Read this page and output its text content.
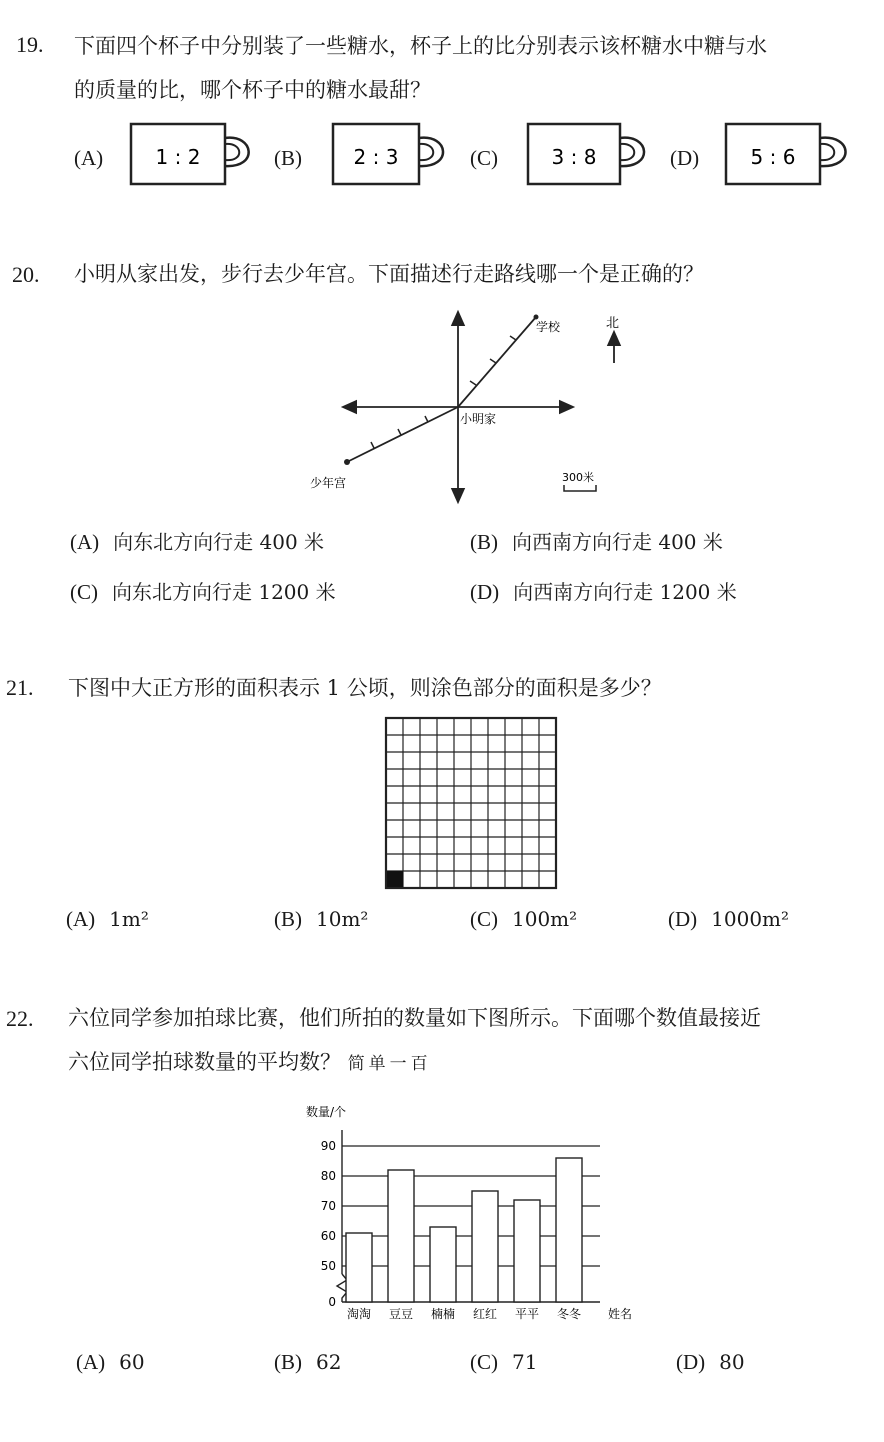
19. 下面四个杯子中分别装了一些糖水，杯子上的比分别表示该杯糖水中糖与水
的质量的比，哪个杯子中的糖水最甜？
(A)	1 : 2	(B)	2 : 3	(C)	3 : 8	(D)	5 : 6
20. 小明从家出发，步行去少年宫。下面描述行走路线哪一个是正确的？
学校
小明家
少年宫
北
300米
(A) 向东北方向行走 400 米	(B) 向西南方向行走 400 米
(C) 向东北方向行走 1200 米	(D) 向西南方向行走 1200 米
21. 下图中大正方形的面积表示 1 公顷，则涂色部分的面积是多少？
(A) 1m²	(B) 10m²	(C) 100m²	(D) 1000m²
22. 六位同学参加拍球比赛，他们所拍的数量如下图所示。下面哪个数值最接近
六位同学拍球数量的平均数？ 简单一百
数量/个
0
50
60
70
80
90
淘淘 豆豆 楠楠 红红 平平 冬冬 姓名
(A) 60	(B) 62	(C) 71	(D) 80
